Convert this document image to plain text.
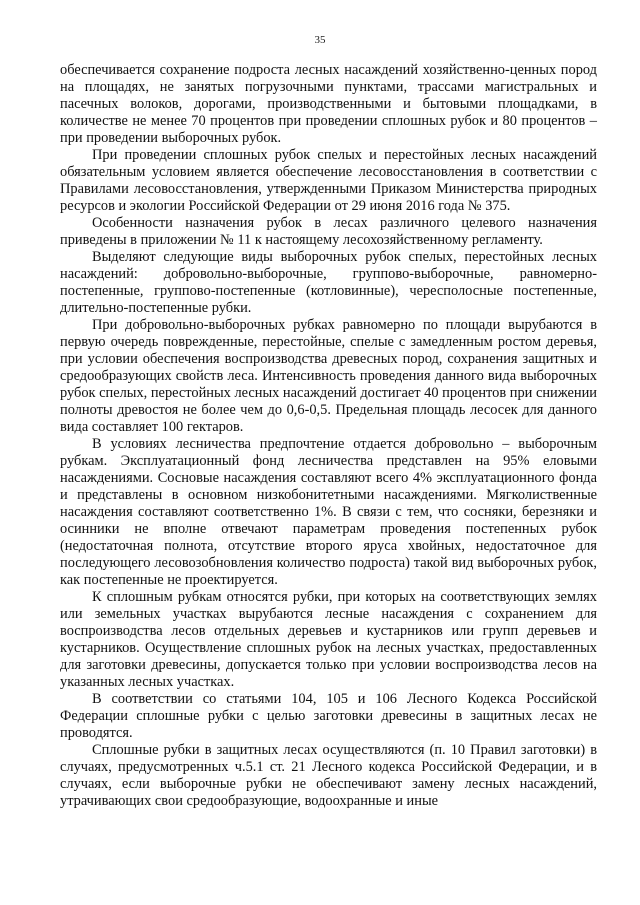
35

обеспечивается сохранение подроста лесных насаждений хозяйственно-ценных пород на площадях, не занятых погрузочными пунктами, трассами магистральных и пасечных волоков, дорогами, производственными и бытовыми площадками, в количестве не менее 70 процентов при проведении сплошных рубок и 80 процентов – при проведении выборочных рубок.

При проведении сплошных рубок спелых и перестойных лесных насаждений обязательным условием является обеспечение лесовосстановления в соответствии с Правилами лесовосстановления, утвержденными Приказом Министерства природных ресурсов и экологии Российской Федерации от 29 июня 2016 года № 375.

Особенности назначения рубок в лесах различного целевого назначения приведены в приложении № 11 к настоящему лесохозяйственному регламенту.

Выделяют следующие виды выборочных рубок спелых, перестойных лесных насаждений: добровольно-выборочные, группово-выборочные, равномерно-постепенные, группово-постепенные (котловинные), чересполосные постепенные, длительно-постепенные рубки.

При добровольно-выборочных рубках равномерно по площади вырубаются в первую очередь поврежденные, перестойные, спелые с замедленным ростом деревья, при условии обеспечения воспроизводства древесных пород, сохранения защитных и средообразующих свойств леса. Интенсивность проведения данного вида выборочных рубок спелых, перестойных лесных насаждений достигает 40 процентов при снижении полноты древостоя не более чем до 0,6-0,5. Предельная площадь лесосек для данного вида составляет 100 гектаров.

В условиях лесничества предпочтение отдается добровольно – выборочным рубкам. Эксплуатационный фонд лесничества представлен на 95% еловыми насаждениями. Сосновые насаждения составляют всего 4% эксплуатационного фонда и представлены в основном низкобонитетными насаждениями. Мягколиственные насаждения составляют соответственно 1%. В связи с тем, что сосняки, березняки и осинники не вполне отвечают параметрам проведения постепенных рубок (недостаточная полнота, отсутствие второго яруса хвойных, недостаточное для последующего лесовозобновления количество подроста) такой вид выборочных рубок, как постепенные не проектируется.

К сплошным рубкам относятся рубки, при которых на соответствующих землях или земельных участках вырубаются лесные насаждения с сохранением для воспроизводства лесов отдельных деревьев и кустарников или групп деревьев и кустарников. Осуществление сплошных рубок на лесных участках, предоставленных для заготовки древесины, допускается только при условии воспроизводства лесов на указанных лесных участках.

В соответствии со статьями 104, 105 и 106 Лесного Кодекса Российской Федерации сплошные рубки с целью заготовки древесины в защитных лесах не проводятся.

Сплошные рубки в защитных лесах осуществляются (п. 10 Правил заготовки) в случаях, предусмотренных ч.5.1 ст. 21 Лесного кодекса Российской Федерации, и в случаях, если выборочные рубки не обеспечивают замену лесных насаждений, утрачивающих свои средообразующие, водоохранные и иные
